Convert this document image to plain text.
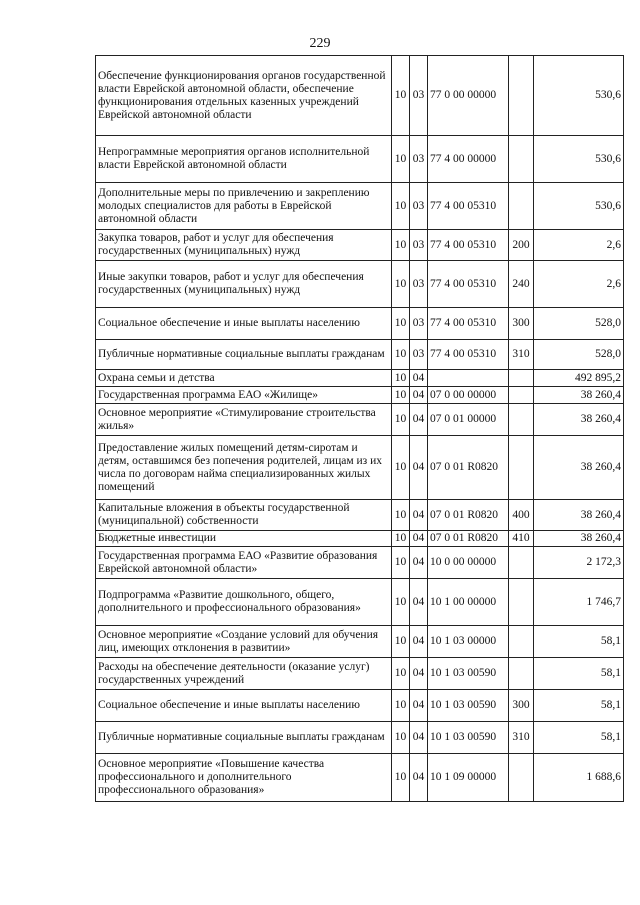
229
Обеспечение функционирования органов государственной власти Еврейской автономной области, обеспечение функционирования отдельных казенных учреждений Еврейской автономной области	10	03	77 0 00 00000		530,6
Непрограммные мероприятия органов исполнительной власти Еврейской автономной области	10	03	77 4 00 00000		530,6
Дополнительные меры по привлечению и закреплению молодых специалистов для работы в Еврейской автономной области	10	03	77 4 00 05310		530,6
Закупка товаров, работ и услуг для обеспечения государственных (муниципальных) нужд	10	03	77 4 00 05310	200	2,6
Иные закупки товаров, работ и услуг для обеспечения государственных (муниципальных) нужд	10	03	77 4 00 05310	240	2,6
Социальное обеспечение и иные выплаты населению	10	03	77 4 00 05310	300	528,0
Публичные нормативные социальные выплаты гражданам	10	03	77 4 00 05310	310	528,0
Охрана семьи и детства	10	04			492 895,2
Государственная программа ЕАО «Жилище»	10	04	07 0 00 00000		38 260,4
Основное мероприятие «Стимулирование строительства жилья»	10	04	07 0 01 00000		38 260,4
Предоставление жилых помещений детям-сиротам и детям, оставшимся без попечения родителей, лицам из их числа по договорам найма специализированных жилых помещений	10	04	07 0 01 R0820		38 260,4
Капитальные вложения в объекты государственной (муниципальной) собственности	10	04	07 0 01 R0820	400	38 260,4
Бюджетные инвестиции	10	04	07 0 01 R0820	410	38 260,4
Государственная программа ЕАО «Развитие образования Еврейской автономной области»	10	04	10 0 00 00000		2 172,3
Подпрограмма «Развитие дошкольного, общего, дополнительного и профессионального образования»	10	04	10 1 00 00000		1 746,7
Основное мероприятие «Создание условий для обучения лиц, имеющих отклонения в развитии»	10	04	10 1 03 00000		58,1
Расходы на обеспечение деятельности (оказание услуг) государственных учреждений	10	04	10 1 03 00590		58,1
Социальное обеспечение и иные выплаты населению	10	04	10 1 03 00590	300	58,1
Публичные нормативные социальные выплаты гражданам	10	04	10 1 03 00590	310	58,1
Основное мероприятие «Повышение качества профессионального и дополнительного профессионального образования»	10	04	10 1 09 00000		1 688,6
